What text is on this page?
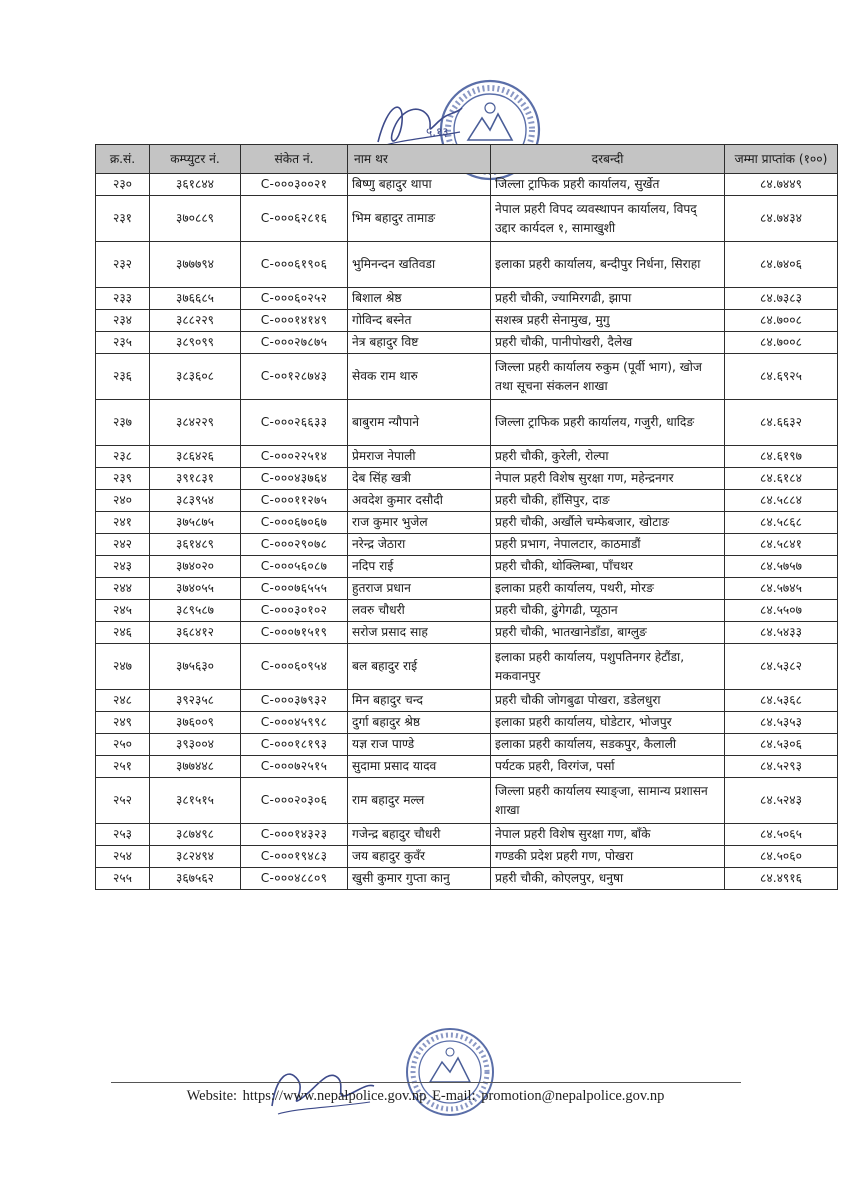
५.१३
क्र.सं.	कम्प्युटर नं.	संकेत नं.	नाम थर	दरबन्दी	जम्मा प्राप्तांक (१००)
२३०	३६१८४४	C-०००३००२१	बिष्णु बहादुर थापा	जिल्ला ट्राफिक प्रहरी कार्यालय, सुर्खेत	८४.७४४९
२३१	३७०८८९	C-०००६२८१६	भिम बहादुर तामाङ	नेपाल प्रहरी विपद व्यवस्थापन कार्यालय, विपद् उद्दार कार्यदल १, सामाखुशी	८४.७४३४
२३२	३७७७९४	C-०००६१९०६	भुमिनन्दन खतिवडा	इलाका प्रहरी कार्यालय, बन्दीपुर निर्धना, सिराहा	८४.७४०६
२३३	३७६६८५	C-०००६०२५२	बिशाल श्रेष्ठ	प्रहरी चौकी, ज्यामिरगढी, झापा	८४.७३८३
२३४	३८८२२९	C-०००१४१४९	गोविन्द बस्नेत	सशस्त्र प्रहरी सेनामुख, मुगु	८४.७००८
२३५	३८९०९९	C-०००२७८७५	नेत्र बहादुर विष्ट	प्रहरी चौकी, पानीपोखरी, दैलेख	८४.७००८
२३६	३८३६०८	C-००१२८७४३	सेवक राम थारु	जिल्ला प्रहरी कार्यालय रुकुम (पूर्वी भाग), खोज तथा सूचना संकलन शाखा	८४.६९२५
२३७	३८४२२९	C-०००२६६३३	बाबुराम न्यौपाने	जिल्ला ट्राफिक प्रहरी कार्यालय, गजुरी, धादिङ	८४.६६३२
२३८	३८६४२६	C-०००२२५१४	प्रेमराज नेपाली	प्रहरी चौकी, कुरेली, रोल्पा	८४.६१९७
२३९	३९१८३१	C-०००४३७६४	देब सिंह खत्री	नेपाल प्रहरी विशेष सुरक्षा गण, महेन्द्रनगर	८४.६१८४
२४०	३८३९५४	C-०००११२७५	अवदेश कुमार दसौदी	प्रहरी चौकी, हाँसिपुर, दाङ	८४.५८८४
२४१	३७५८७५	C-०००६७०६७	राज कुमार भुजेल	प्रहरी चौकी, अर्खौले चम्फेबजार, खोटाङ	८४.५८६८
२४२	३६१४८९	C-०००२९०७८	नरेन्द्र जेठारा	प्रहरी प्रभाग, नेपालटार, काठमाडौं	८४.५८४१
२४३	३७४०२०	C-०००५६०८७	नदिप राई	प्रहरी चौकी, थोक्लिम्बा, पाँचथर	८४.५७५७
२४४	३७४०५५	C-०००७६५५५	हुतराज प्रधान	इलाका प्रहरी कार्यालय, पथरी, मोरङ	८४.५७४५
२४५	३८९५८७	C-०००३०१०२	लवरु चौधरी	प्रहरी चौकी, ढुंगेगढी, प्यूठान	८४.५५०७
२४६	३६८४१२	C-०००७१५१९	सरोज प्रसाद साह	प्रहरी चौकी, भातखानेडाँडा, बाग्लुङ	८४.५४३३
२४७	३७५६३०	C-०००६०९५४	बल बहादुर राई	इलाका प्रहरी कार्यालय, पशुपतिनगर हेटौंडा, मकवानपुर	८४.५३८२
२४८	३९२३५८	C-०००३७९३२	मिन बहादुर चन्द	प्रहरी चौकी जोगबुढा पोखरा, डडेलधुरा	८४.५३६८
२४९	३७६००९	C-०००४५९९८	दुर्गा बहादुर श्रेष्ठ	इलाका प्रहरी कार्यालय, घोडेटार, भोजपुर	८४.५३५३
२५०	३९३००४	C-०००१८१९३	यज्ञ राज पाण्डे	इलाका प्रहरी कार्यालय, सडकपुर, कैलाली	८४.५३०६
२५१	३७७४४८	C-०००७२५१५	सुदामा प्रसाद यादव	पर्यटक प्रहरी, विरगंज, पर्सा	८४.५२९३
२५२	३८१५१५	C-०००२०३०६	राम बहादुर मल्ल	जिल्ला प्रहरी कार्यालय स्याङ्जा, सामान्य प्रशासन शाखा	८४.५२४३
२५३	३८७४९८	C-०००१४३२३	गजेन्द्र बहादुर चौधरी	नेपाल प्रहरी विशेष सुरक्षा गण, बाँके	८४.५०६५
२५४	३८२४९४	C-०००१९४८३	जय बहादुर कुवँर	गण्डकी प्रदेश प्रहरी गण, पोखरा	८४.५०६०
२५५	३६७५६२	C-०००४८८०९	खुसी कुमार गुप्ता कानु	प्रहरी चौकी, कोएलपुर, धनुषा	८४.४९१६
Website: https://www.nepalpolice.gov.np E-mail: promotion@nepalpolice.gov.np
